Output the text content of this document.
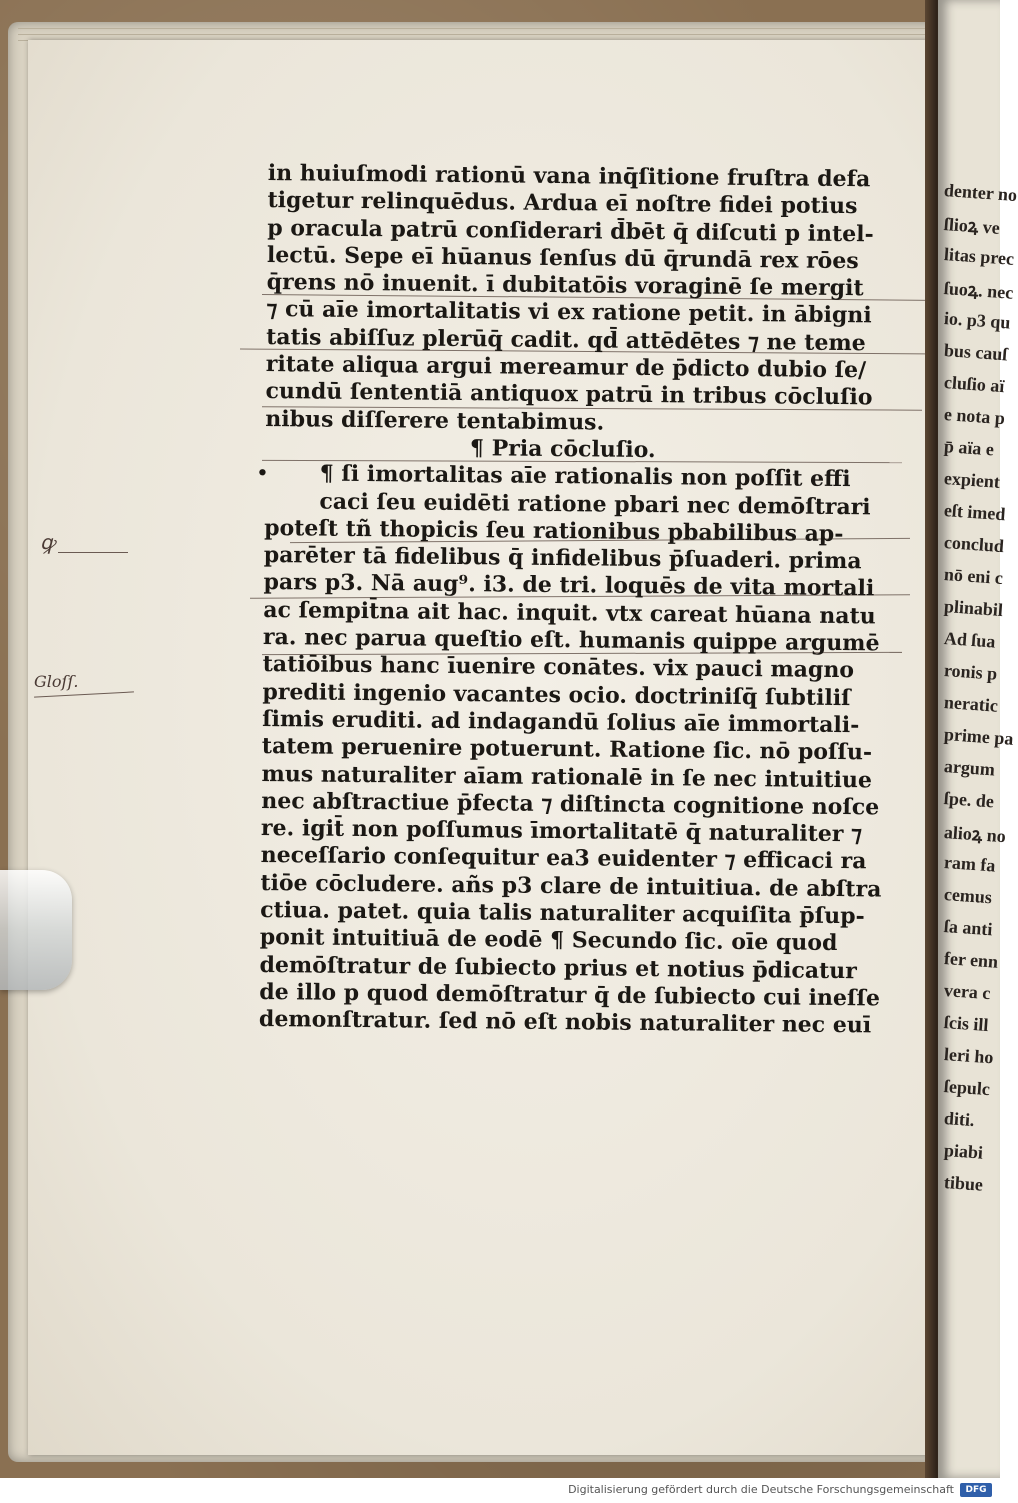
ꝙ
Gloſſ.
in huiuſmodi rationū vana inq̄ſitione fruſtra defa
tigetur relinquēdus. Ardua eī noſtre fidei potius
p oracula patrū conſiderari d̄bēt q̄ diſcuti p intel-
lectū. Sepe eī hūanus ſenſus dū q̄rundā rex rōes
q̄rens nō inuenit. ī dubitatōis voraginē ſe mergit
⁊ cū aīe imortalitatis vi ex ratione petit. in ābigni
tatis abiſſuz plerūq̄ cadit. qd̄ attēdētes ⁊ ne teme
ritate aliqua argui mereamur de p̄dicto dubio ſe/
cundū ſententiā antiquox patrū in tribus cōcluſio
nibus diſſerere tentabimus.
¶ Pria cōcluſio.
• ¶ ſi imortalitas aīe rationalis non poſſit effi
caci ſeu euidēti ratione pbari nec demōſtrari
poteſt tñ thopicis ſeu rationibus pbabilibus ap-
parēter tā fidelibus q̄ infidelibus p̄ſuaderi. prima
pars p3. Nā aug⁹. i3. de tri. loquēs de vita mortali
ac ſempit̄na ait hac. inquit. vtx careat hūana natu
ra. nec parua queſtio eſt. humanis quippe argumē
tatiōibus hanc īuenire conātes. vix pauci magno
prediti ingenio vacantes ocio. doctriniſq̄ ſubtiliſ
ſimis eruditi. ad indagandū ſolius aīe immortali-
tatem peruenire potuerunt. Ratione ſic. nō poſſu-
mus naturaliter aīam rationalē in ſe nec intuitiue
nec abſtractiue p̄fecta ⁊ diſtincta cognitione noſce
re. igit̄ non poſſumus īmortalitatē q̄ naturaliter ⁊
neceſſario conſequitur ea3 euidenter ⁊ efficaci ra
tiōe cōcludere. añs p3 clare de intuitiua. de abſtra
ctiua. patet. quia talis naturaliter acquiſita p̄ſup-
ponit intuitiuā de eodē ¶ Secundo ſic. oīe quod
demōſtratur de ſubiecto prius et notius p̄dicatur
de illo p quod demōſtratur q̄ de ſubiecto cui ineſſe
demonſtratur. ſed nō eſt nobis naturaliter nec euī
denter no
ſlioꝝ ve
litas prec
ſuoꝝ. nec
io. p3 qu
bus cauſ
cluſio aï
e nota p
p̄ aïa e
expient
eſt imed
conclud
nō eni c
plinabil
Ad ſua
ronis p
neratic
prime pa
argum
ſpe. de
alioꝝ no
ram fa
cemus
ſa anti
fer enn
vera c
ſcis ill
leri ho
ſepulc
diti.
piabi
tibue
Digitalisierung gefördert durch die Deutsche Forschungsgemeinschaft	DFG
